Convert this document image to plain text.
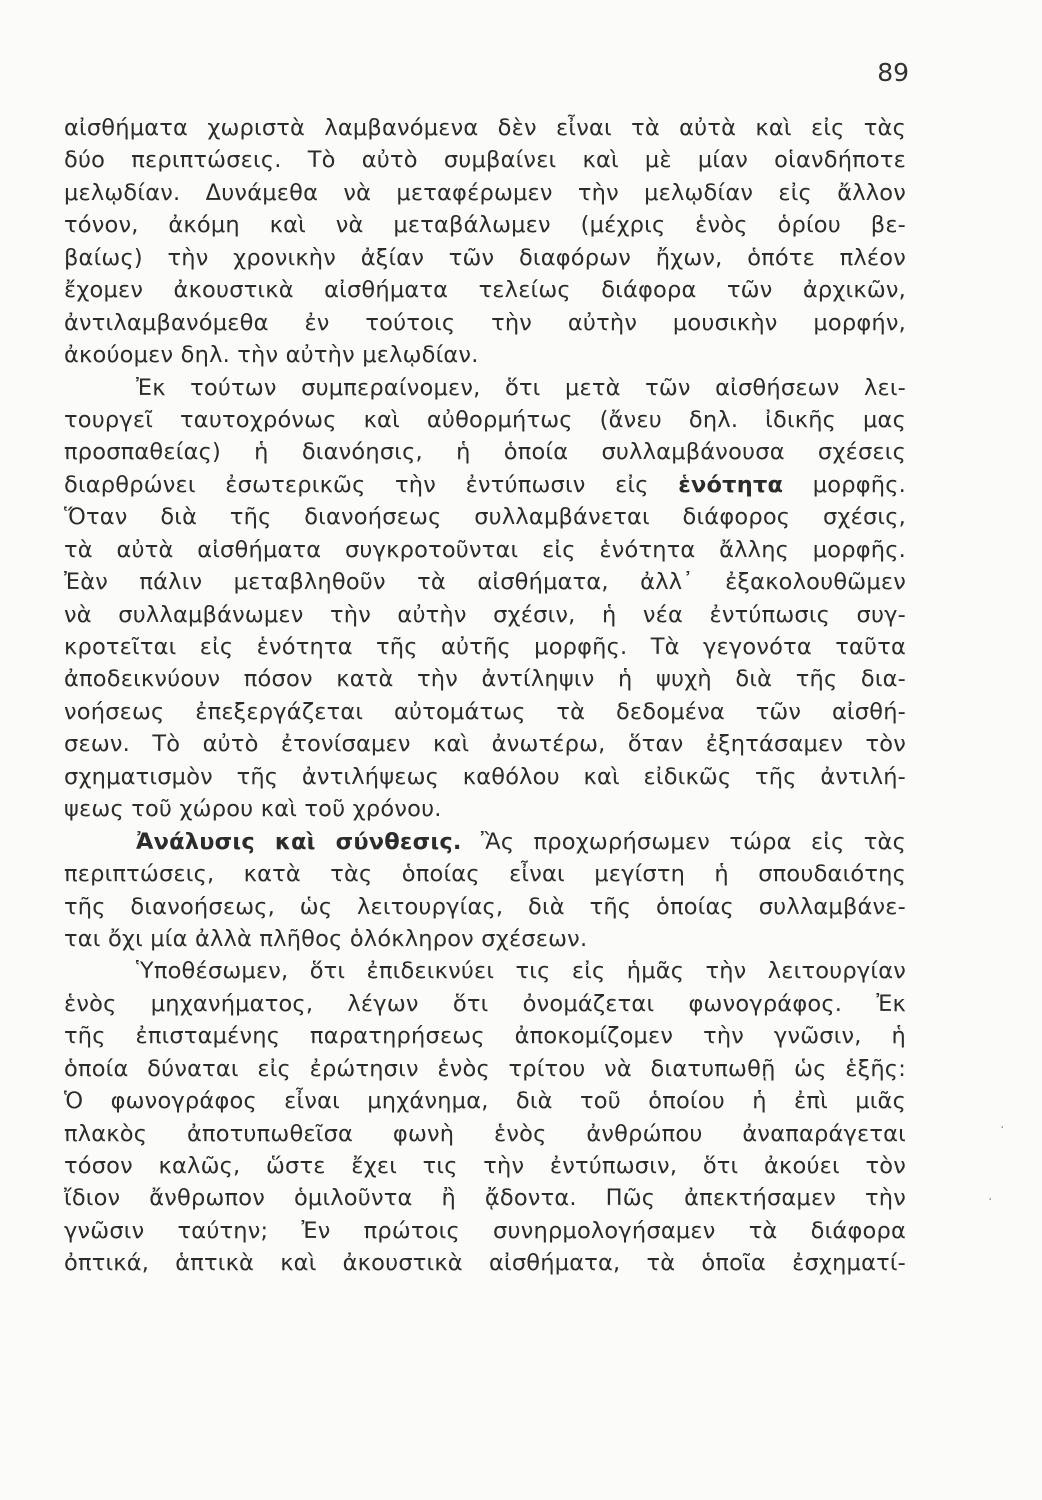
89
αἰσθήματα χωριστὰ λαμβανόμενα δὲν εἶναι τὰ αὐτὰ καὶ εἰς τὰς
δύο περιπτώσεις. Τὸ αὐτὸ συμβαίνει καὶ μὲ μίαν οἱανδήποτε
μελῳδίαν. Δυνάμεθα νὰ μεταφέρωμεν τὴν μελῳδίαν εἰς ἄλλον
τόνον, ἀκόμη καὶ νὰ μεταβάλωμεν (μέχρις ἑνὸς ὁρίου βε-
βαίως) τὴν χρονικὴν ἀξίαν τῶν διαφόρων ἤχων, ὁπότε πλέον
ἔχομεν ἀκουστικὰ αἰσθήματα τελείως διάφορα τῶν ἀρχικῶν,
ἀντιλαμβανόμεθα ἐν τούτοις τὴν αὐτὴν μουσικὴν μορφήν,
ἀκούομεν δηλ. τὴν αὐτὴν μελῳδίαν.
Ἐκ τούτων συμπεραίνομεν, ὅτι μετὰ τῶν αἰσθήσεων λει-
τουργεῖ ταυτοχρόνως καὶ αὐθορμήτως (ἄνευ δηλ. ἰδικῆς μας
προσπαθείας) ἡ διανόησις, ἡ ὁποία συλλαμβάνουσα σχέσεις
διαρθρώνει ἐσωτερικῶς τὴν ἐντύπωσιν εἰς ἑνότητα μορφῆς.
Ὅταν διὰ τῆς διανοήσεως συλλαμβάνεται διάφορος σχέσις,
τὰ αὐτὰ αἰσθήματα συγκροτοῦνται εἰς ἑνότητα ἄλλης μορφῆς.
Ἐὰν πάλιν μεταβληθοῦν τὰ αἰσθήματα, ἀλλ᾽ ἐξακολουθῶμεν
νὰ συλλαμβάνωμεν τὴν αὐτὴν σχέσιν, ἡ νέα ἐντύπωσις συγ-
κροτεῖται εἰς ἑνότητα τῆς αὐτῆς μορφῆς. Τὰ γεγονότα ταῦτα
ἀποδεικνύουν πόσον κατὰ τὴν ἀντίληψιν ἡ ψυχὴ διὰ τῆς δια-
νοήσεως ἐπεξεργάζεται αὐτομάτως τὰ δεδομένα τῶν αἰσθή-
σεων. Τὸ αὐτὸ ἐτονίσαμεν καὶ ἀνωτέρω, ὅταν ἐξητάσαμεν τὸν
σχηματισμὸν τῆς ἀντιλήψεως καθόλου καὶ εἰδικῶς τῆς ἀντιλή-
ψεως τοῦ χώρου καὶ τοῦ χρόνου.
Ἀνάλυσις καὶ σύνθεσις. Ἂς προχωρήσωμεν τώρα εἰς τὰς
περιπτώσεις, κατὰ τὰς ὁποίας εἶναι μεγίστη ἡ σπουδαιότης
τῆς διανοήσεως, ὡς λειτουργίας, διὰ τῆς ὁποίας συλλαμβάνε-
ται ὄχι μία ἀλλὰ πλῆθος ὁλόκληρον σχέσεων.
Ὑποθέσωμεν, ὅτι ἐπιδεικνύει τις εἰς ἡμᾶς τὴν λειτουργίαν
ἑνὸς μηχανήματος, λέγων ὅτι ὀνομάζεται φωνογράφος. Ἐκ
τῆς ἐπισταμένης παρατηρήσεως ἀποκομίζομεν τὴν γνῶσιν, ἡ
ὁποία δύναται εἰς ἐρώτησιν ἑνὸς τρίτου νὰ διατυπωθῇ ὡς ἑξῆς:
Ὁ φωνογράφος εἶναι μηχάνημα, διὰ τοῦ ὁποίου ἡ ἐπὶ μιᾶς
πλακὸς ἀποτυπωθεῖσα φωνὴ ἑνὸς ἀνθρώπου ἀναπαράγεται
τόσον καλῶς, ὥστε ἔχει τις τὴν ἐντύπωσιν, ὅτι ἀκούει τὸν
ἴδιον ἄνθρωπον ὁμιλοῦντα ἢ ᾄδοντα. Πῶς ἀπεκτήσαμεν τὴν
γνῶσιν ταύτην; Ἐν πρώτοις συνηρμολογήσαμεν τὰ διάφορα
ὀπτικά, ἁπτικὰ καὶ ἀκουστικὰ αἰσθήματα, τὰ ὁποῖα ἐσχηματί-
·
·
